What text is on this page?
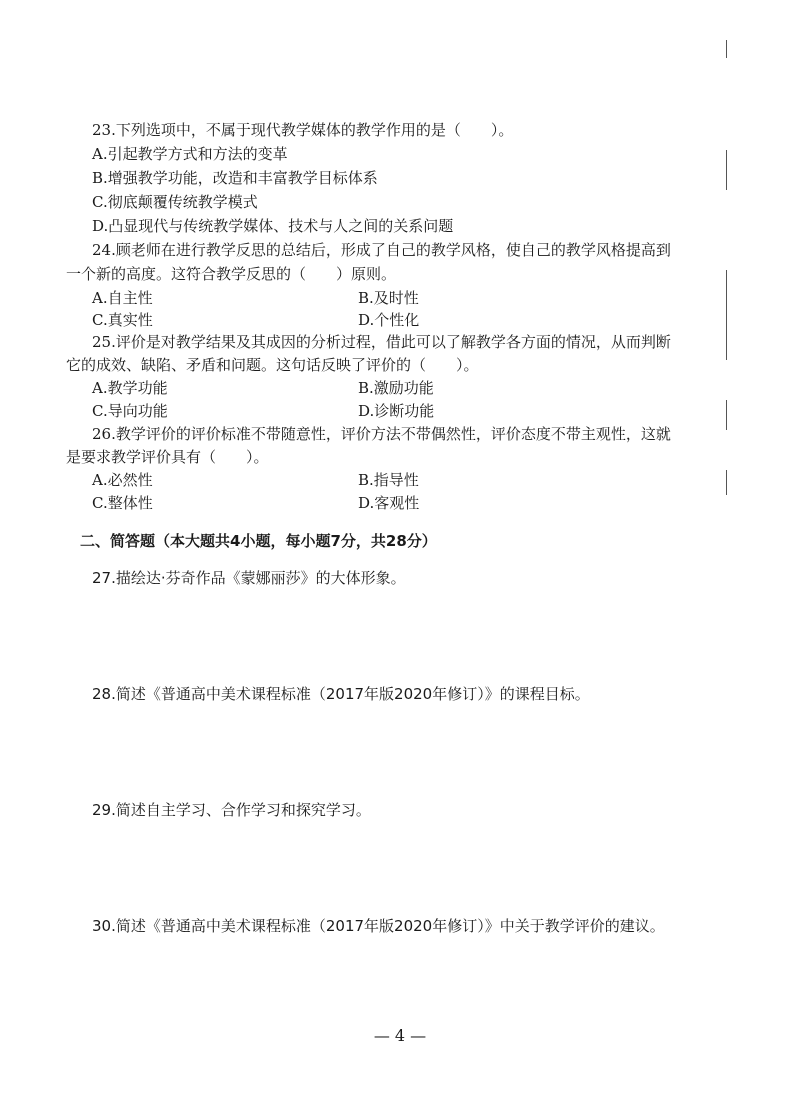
23.下列选项中，不属于现代教学媒体的教学作用的是（　　）。
A.引起教学方式和方法的变革
B.增强教学功能，改造和丰富教学目标体系
C.彻底颠覆传统教学模式
D.凸显现代与传统教学媒体、技术与人之间的关系问题
24.顾老师在进行教学反思的总结后，形成了自己的教学风格，使自己的教学风格提高到
一个新的高度。这符合教学反思的（　　）原则。
A.自主性	B.及时性
C.真实性	D.个性化
25.评价是对教学结果及其成因的分析过程，借此可以了解教学各方面的情况，从而判断
它的成效、缺陷、矛盾和问题。这句话反映了评价的（　　）。
A.教学功能	B.激励功能
C.导向功能	D.诊断功能
26.教学评价的评价标准不带随意性，评价方法不带偶然性，评价态度不带主观性，这就
是要求教学评价具有（　　）。
A.必然性	B.指导性
C.整体性	D.客观性
二、简答题（本大题共4小题，每小题7分，共28分）
27.描绘达·芬奇作品《蒙娜丽莎》的大体形象。
28.简述《普通高中美术课程标准（2017年版2020年修订）》的课程目标。
29.简述自主学习、合作学习和探究学习。
30.简述《普通高中美术课程标准（2017年版2020年修订）》中关于教学评价的建议。
— 4 —
